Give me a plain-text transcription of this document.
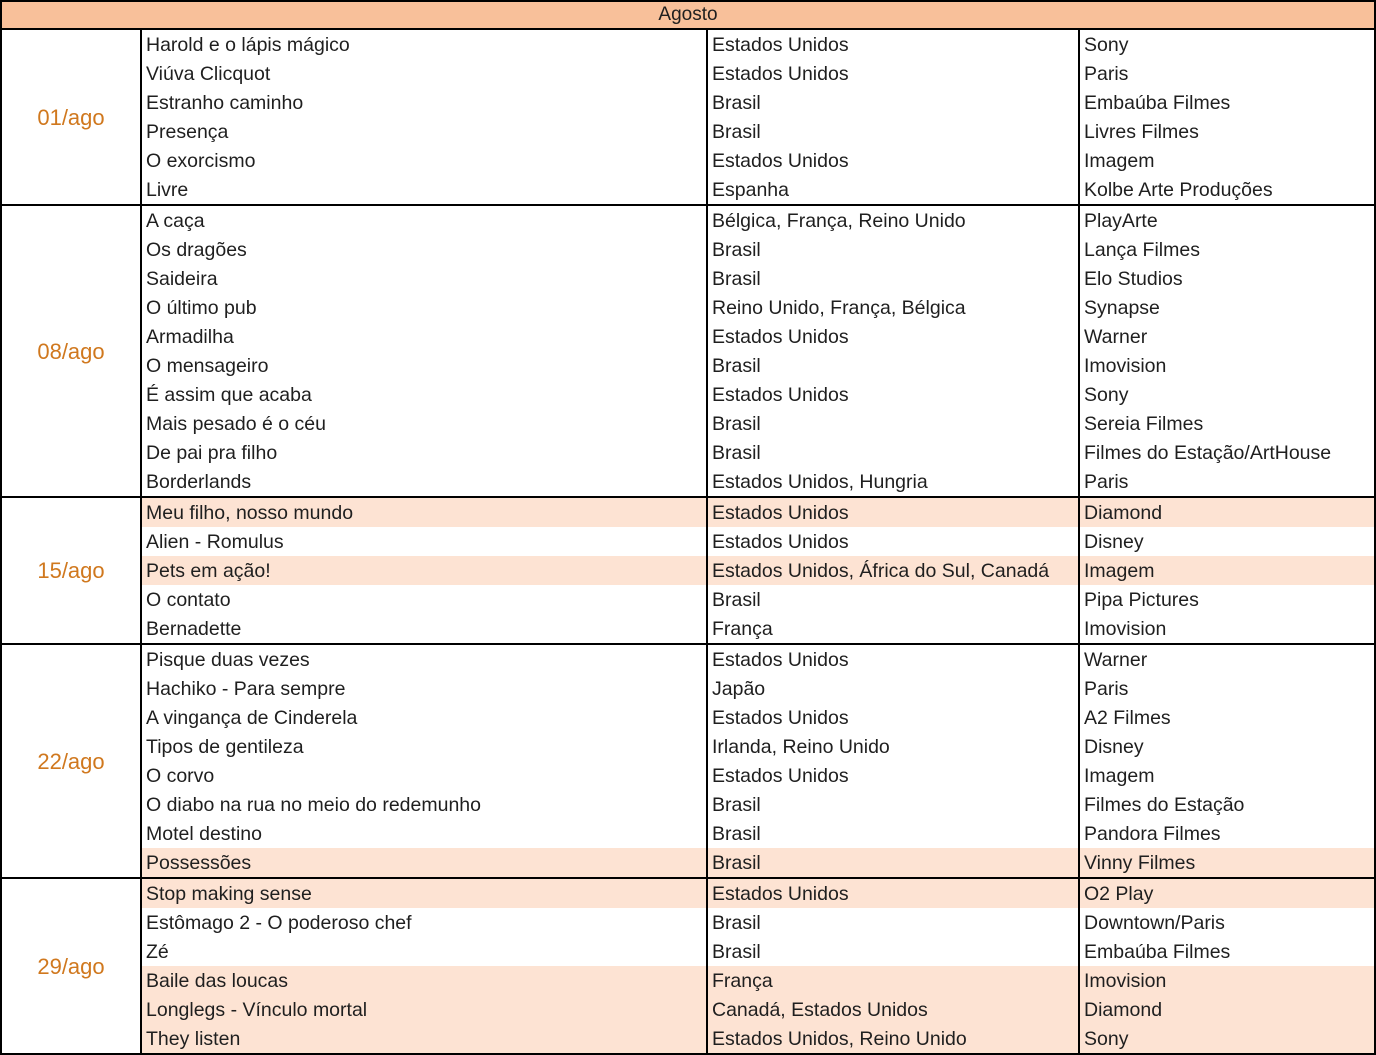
Agosto
01/ago
Harold e o lápis mágico	Estados Unidos	Sony
Viúva Clicquot	Estados Unidos	Paris
Estranho caminho	Brasil	Embaúba Filmes
Presença	Brasil	Livres Filmes
O exorcismo	Estados Unidos	Imagem
Livre	Espanha	Kolbe Arte Produções
08/ago
A caça	Bélgica, França, Reino Unido	PlayArte
Os dragões	Brasil	Lança Filmes
Saideira	Brasil	Elo Studios
O último pub	Reino Unido, França, Bélgica	Synapse
Armadilha	Estados Unidos	Warner
O mensageiro	Brasil	Imovision
É assim que acaba	Estados Unidos	Sony
Mais pesado é o céu	Brasil	Sereia Filmes
De pai pra filho	Brasil	Filmes do Estação/ArtHouse
Borderlands	Estados Unidos, Hungria	Paris
15/ago
Meu filho, nosso mundo	Estados Unidos	Diamond
Alien - Romulus	Estados Unidos	Disney
Pets em ação!	Estados Unidos, África do Sul, Canadá	Imagem
O contato	Brasil	Pipa Pictures
Bernadette	França	Imovision
22/ago
Pisque duas vezes	Estados Unidos	Warner
Hachiko - Para sempre	Japão	Paris
A vingança de Cinderela	Estados Unidos	A2 Filmes
Tipos de gentileza	Irlanda, Reino Unido	Disney
O corvo	Estados Unidos	Imagem
O diabo na rua no meio do redemunho	Brasil	Filmes do Estação
Motel destino	Brasil	Pandora Filmes
Possessões	Brasil	Vinny Filmes
29/ago
Stop making sense	Estados Unidos	O2 Play
Estômago 2 - O poderoso chef	Brasil	Downtown/Paris
Zé	Brasil	Embaúba Filmes
Baile das loucas	França	Imovision
Longlegs - Vínculo mortal	Canadá, Estados Unidos	Diamond
They listen	Estados Unidos, Reino Unido	Sony
